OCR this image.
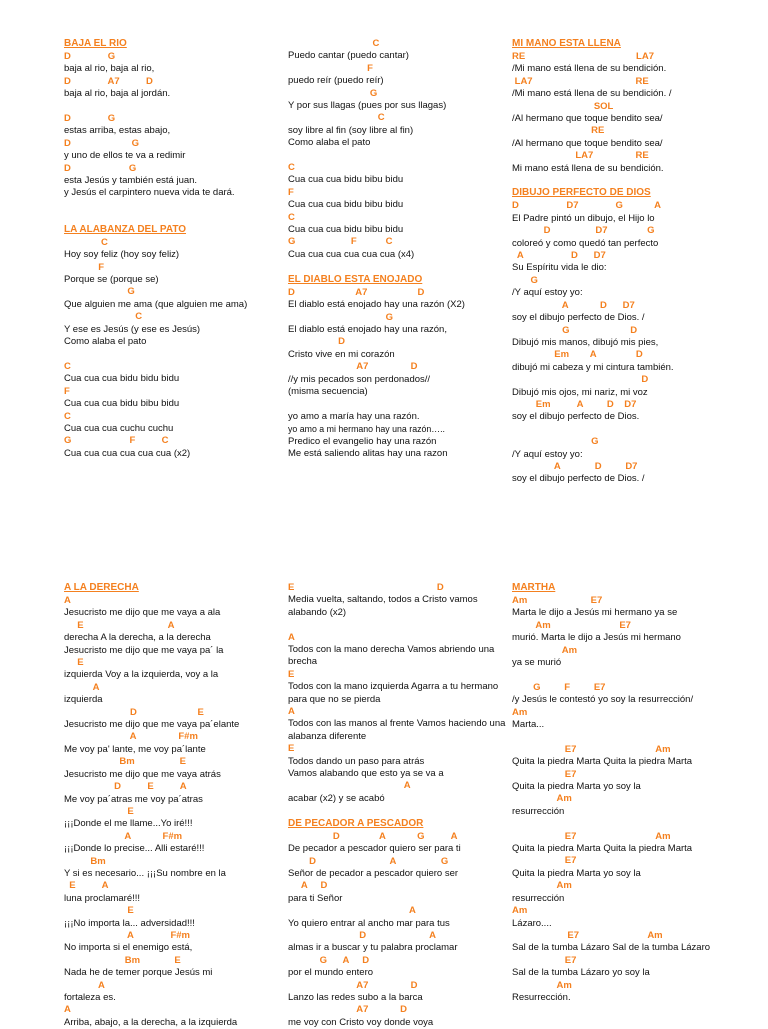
BAJA EL RIO
D              G
baja al rio, baja al rio,
D              A7          D
baja al rio, baja al jordán.
D              G
estas arriba, estas abajo,
D                       G
y uno de ellos te va a redimir
D                      G
esta Jesús y también está juan.
y Jesús el carpintero nueva vida te dará.
LA ALABANZA DEL PATO
C
Hoy soy feliz (hoy soy feliz)
F
Porque se (porque se)
G
Que alguien me ama (que alguien me ama)
C
Y ese es Jesús (y ese es Jesús)
Como alaba el pato
C
Cua cua cua bidu bidu bidu
F
Cua cua cua bidu bibu bidu
C
Cua cua cua cuchu cuchu
G                      F          C
Cua cua cua cua cua cua (x2)
C
Puedo cantar (puedo cantar)
F
puedo reír (puedo reír)
G
Y por sus llagas (pues por sus llagas)
C
soy libre al fin (soy libre al fin)
Como alaba el pato
C
Cua cua cua bidu bibu bidu
F
Cua cua cua bidu bibu bidu
C
Cua cua cua bidu bibu bidu
G                     F           C
Cua cua cua cua cua cua (x4)
EL DIABLO ESTA ENOJADO
D                       A7                   D
El diablo está enojado hay una razón (X2)
G
El diablo está enojado hay una razón,
D
Cristo vive en mi corazón
A7                D
//y mis pecados son perdonados//
(misma secuencia)
yo amo a maría hay una razón.
yo amo a mi hermano hay una razón…..
Predico el evangelio hay una razón
Me está saliendo alitas hay una razon
MI MANO ESTA LLENA
RE                                          LA7
/Mi mano está llena de su bendición.
LA7                                       RE
/Mi mano está llena de su bendición. /
SOL
/Al hermano que toque bendito sea/
RE
/Al hermano que toque bendito sea/
LA7                RE
Mi mano está llena de su bendición.
DIBUJO PERFECTO DE DIOS
D                  D7              G            A
El Padre pintó un dibujo, el Hijo lo
D                 D7               G
coloreó y como quedó tan perfecto
A                  D      D7
Su Espíritu vida le dio:
G
/Y aquí estoy yo:
A            D      D7
soy el dibujo perfecto de Dios. /
G                       D
Dibujó mis manos, dibujó mis pies,
Em        A               D
dibujó mi cabeza y mi cintura también.
D
Dibujó mis ojos, mi nariz, mi voz
Em          A         D    D7
soy el dibujo perfecto de Dios.
G
/Y aquí estoy yo:
A             D         D7
soy el dibujo perfecto de Dios. /
A LA DERECHA
A
Jesucristo me dijo que me vaya a ala
E                                A
derecha A la derecha, a la derecha
Jesucristo me dijo que me vaya pa´ la
E
izquierda Voy a la izquierda, voy a la
A
izquierda
D                       E
Jesucristo me dijo que me vaya pa´elante
A                F#m
Me voy pa' lante, me voy pa´lante
Bm                 E
Jesucristo me dijo que me vaya atrás
D          E          A
Me voy pa´atras me voy pa´atras
E
¡¡¡Donde el me llame...Yo iré!!!
A            F#m
¡¡¡Donde lo precise... Alli estaré!!!
Bm
Y si es necesario... ¡¡¡Su nombre en la
E          A
luna proclamaré!!!
E
¡¡¡No importa la... adversidad!!!
A              F#m
No importa si el enemigo está,
Bm             E
Nada he de temer porque Jesús mi
A
fortaleza es.
A
Arriba, abajo, a la derecha, a la izquierda
E                                                      D
Media vuelta, saltando, todos a Cristo vamos alabando (x2)
A
Todos con la mano derecha Vamos abriendo una brecha
E
Todos con la mano izquierda Agarra a tu hermano para que no se pierda
A
Todos con las manos al frente Vamos haciendo una alabanza diferente
E
Todos dando un paso para atrás
Vamos alabando que esto ya se va a
A
acabar (x2) y se acabó
DE PECADOR A PESCADOR
D               A            G          A
De pecador a pescador quiero ser para ti
D                            A                 G
Señor de pecador a pescador quiero ser
A     D
para ti Señor
A
Yo quiero entrar al ancho mar para tus
D                        A
almas ir a buscar y tu palabra proclamar
G      A     D
por el mundo entero
A7                D
Lanzo las redes subo a la barca
A7            D
me voy con Cristo voy donde voya
MARTHA
Am                        E7
Marta le dijo a Jesús mi hermano ya se
Am                          E7
murió. Marta le dijo a Jesús mi hermano
Am
ya se murió
G         F         E7
/y Jesús le contestó yo soy la resurrección/
Am
Marta...
E7                              Am
Quita la piedra Marta Quita la piedra Marta
E7
Quita la piedra Marta yo soy la
Am
resurrección
E7                              Am
Quita la piedra Marta Quita la piedra Marta
E7
Quita la piedra Marta yo soy la
Am
resurrección
Am
Lázaro....
E7                          Am
Sal de la tumba Lázaro Sal de la tumba Lázaro
E7
Sal de la tumba Lázaro yo soy la
Am
Resurrección.
